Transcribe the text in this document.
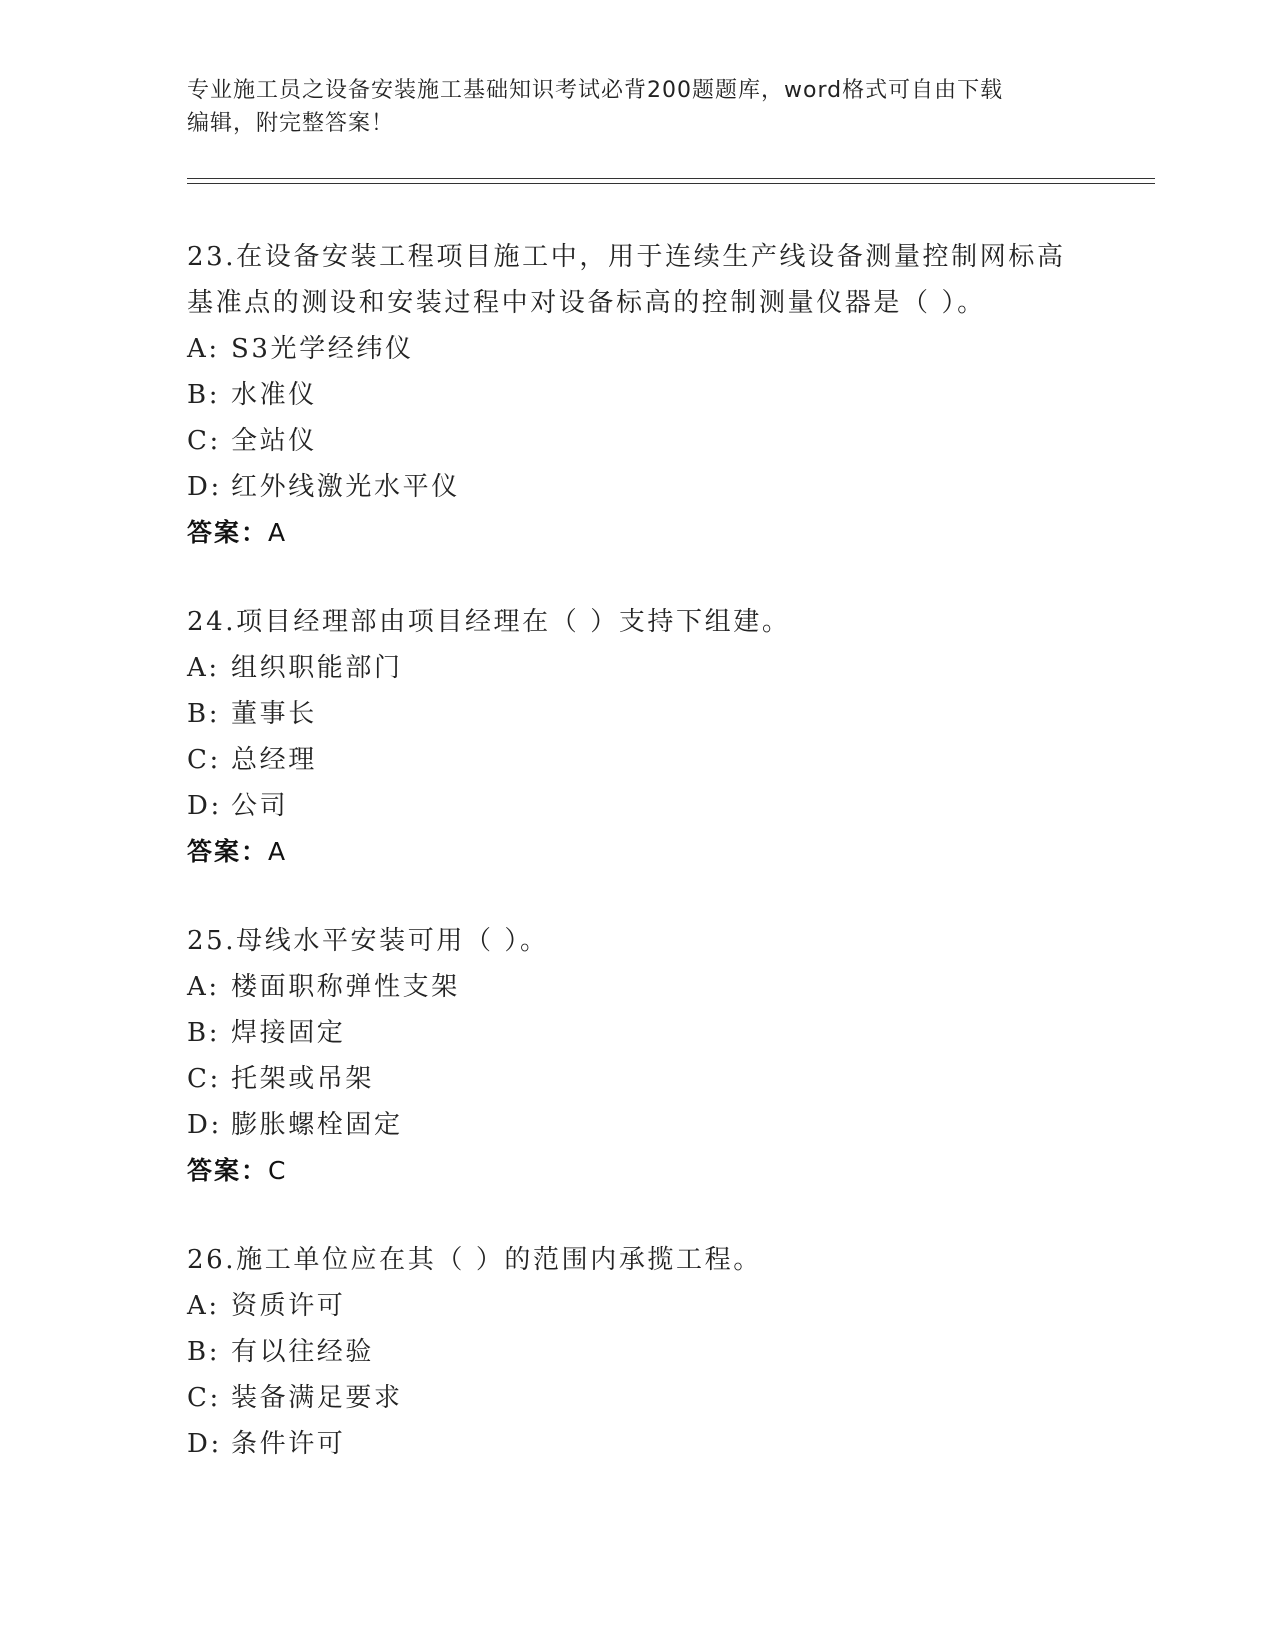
专业施工员之设备安装施工基础知识考试必背200题题库，word格式可自由下载
编辑，附完整答案！
23.在设备安装工程项目施工中，用于连续生产线设备测量控制网标高基准点的测设和安装过程中对设备标高的控制测量仪器是（ ）。
A: S3光学经纬仪
B: 水准仪
C: 全站仪
D: 红外线激光水平仪
答案：A
24.项目经理部由项目经理在（ ）支持下组建。
A: 组织职能部门
B: 董事长
C: 总经理
D: 公司
答案：A
25.母线水平安装可用（ ）。
A: 楼面职称弹性支架
B: 焊接固定
C: 托架或吊架
D: 膨胀螺栓固定
答案：C
26.施工单位应在其（ ）的范围内承揽工程。
A: 资质许可
B: 有以往经验
C: 装备满足要求
D: 条件许可
